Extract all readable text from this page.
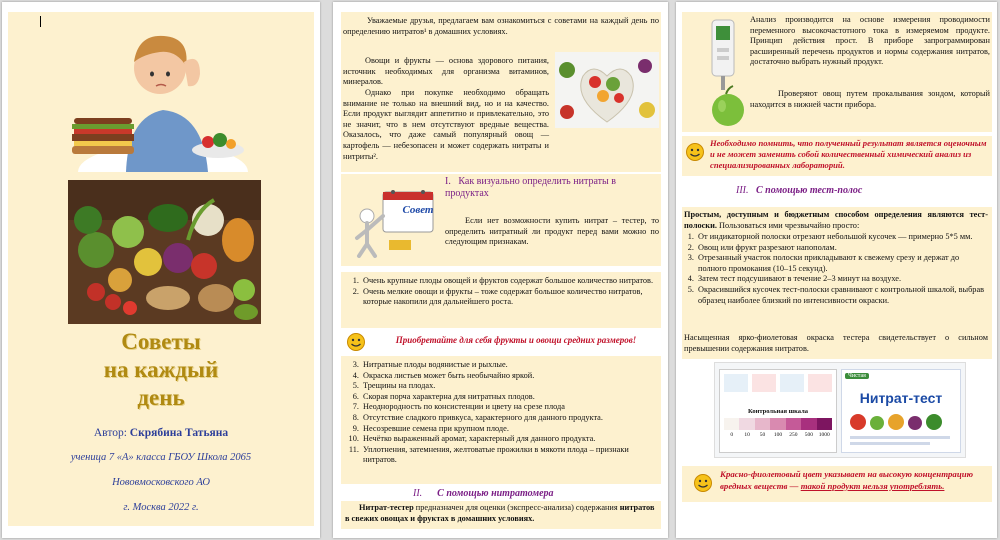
Советы
на каждый
день
Автор: Скрябина Татьяна
ученица 7 «А» класса ГБОУ Школа 2065
Нововмосковского АО
г. Москва 2022 г.
Уважаемые друзья, предлагаем вам ознакомиться с советами на каждый день по определению нитратов¹ в домашних условиях.
Овощи и фрукты — основа здорового питания, источник необходимых для организма витаминов, минералов.
Однако при покупке необходимо обращать внимание не только на внешний вид, но и на качество. Если продукт выглядит аппетитно и привлекательно, это не значит, что в нем отсутствуют вредные вещества. Оказалось, что даже самый популярный овощ — картофель — небезопасен и может содержать нитраты и нитриты².
I. Как визуально определить нитраты в продуктах
Совет
Если нет возможности купить нитрат – тестер, то определить нитратный ли продукт перед вами можно по следующим признакам.
1. Очень крупные плоды овощей и фруктов содержат большое количество нитратов.
2. Очень мелкие овощи и фрукты – тоже содержат большое количество нитратов, которые накопили для дальнейшего роста.
Приобретайте для себя фрукты и овощи средних размеров!
3. Нитратные плоды водянистые и рыхлые.
4. Окраска листьев может быть необычайно яркой.
5. Трещины на плодах.
6. Скорая порча характерна для нитратных плодов.
7. Неоднородность по консистенции и цвету на срезе плода
8. Отсутствие сладкого привкуса, характерного для данного продукта.
9. Несозревшие семена при крупном плоде.
10. Нечётко выраженный аромат, характерный для данного продукта.
11. Уплотнения, затемнения, желтоватые прожилки в мякоти плода – признаки нитратов.
II. С помощью нитратомера
Нитрат-тестер предназначен для оценки (экспресс-анализа) содержания нитратов в свежих овощах и фруктах в домашних условиях.
Анализ производится на основе измерения проводимости переменного высокочастотного тока в измеряемом продукте. Принцип действия прост. В приборе запрограммирован расширенный перечень продуктов и нормы содержания нитратов, достаточно выбрать нужный продукт.
Проверяют овощ путем прокалывания зондом, который находится в нижней части прибора.
Необходимо помнить, что полученный результат является оценочным и не может заменить собой количественный химический анализ из специализированных лабораторий.
III. С помощью тест-полос
Простым, доступным и бюджетным способом определения являются тест-полоски. Пользоваться ими чрезвычайно просто:
1. От индикаторной полоски отрезают небольшой кусочек — примерно 5*5 мм.
2. Овощ или фрукт разрезают напополам.
3. Отрезанный участок полоски прикладывают к свежему срезу и держат до полного промокания (10–15 секунд).
4. Затем тест подсушивают в течение 2–3 минут на воздухе.
5. Окрасившийся кусочек тест-полоски сравнивают с контрольной шкалой, выбрав образец наиболее близкий по интенсивности окраски.
Насыщенная ярко-фиолетовая окраска тестера свидетельствует о сильном превышении содержания нитратов.
Контрольная шкала
0	10	50	100	250	500	1000
Чистая
Нитрат-тест
Красно-фиолетовый цвет указывает на высокую концентрацию вредных веществ — такой продукт нельзя употреблять.
